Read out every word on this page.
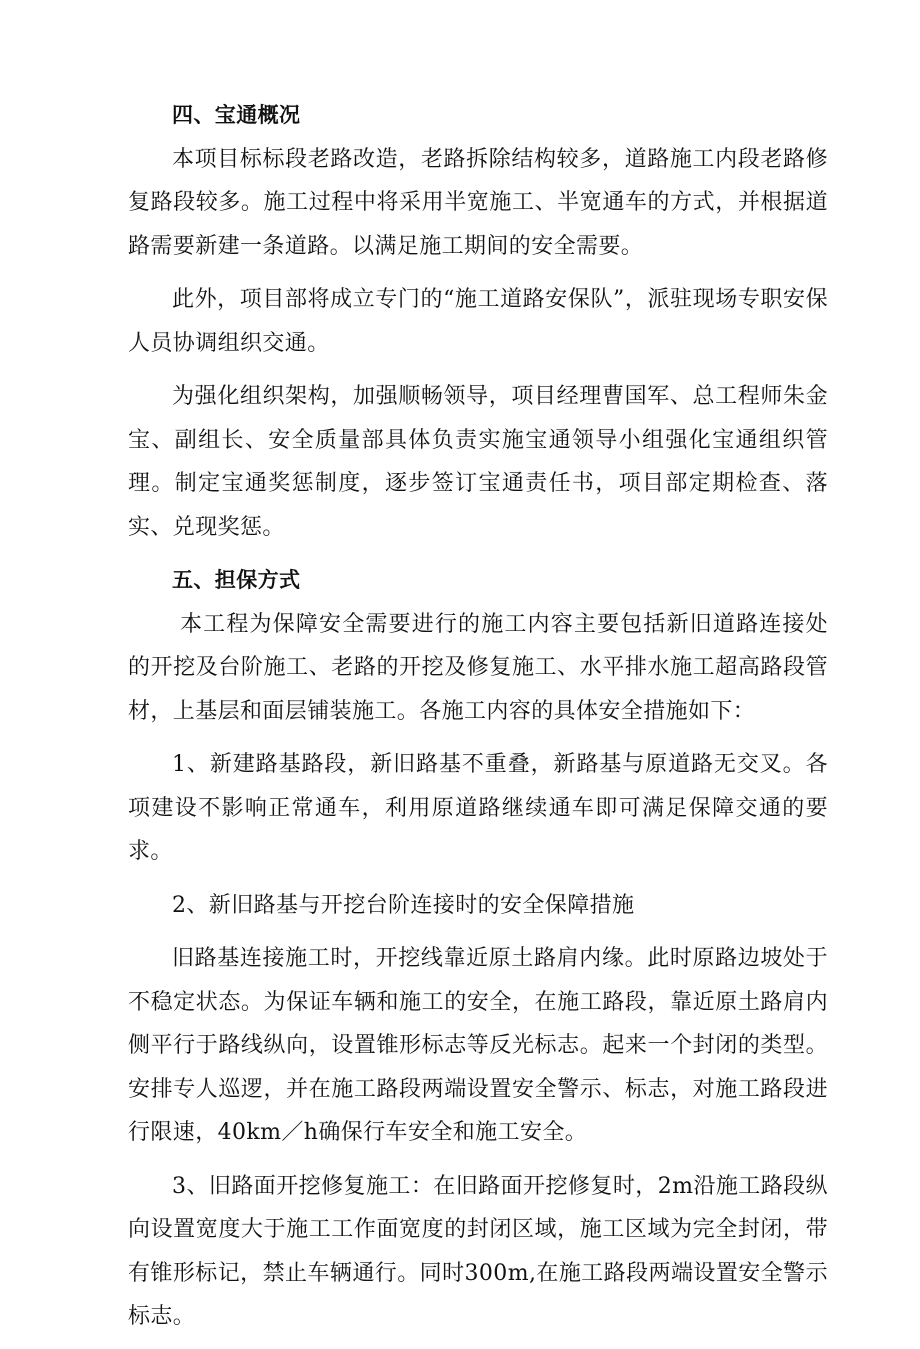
四、宝通概况

本项目标标段老路改造，老路拆除结构较多，道路施工内段老路修复路段较多。施工过程中将采用半宽施工、半宽通车的方式，并根据道路需要新建一条道路。以满足施工期间的安全需要。

此外，项目部将成立专门的“施工道路安保队”，派驻现场专职安保人员协调组织交通。

为强化组织架构，加强顺畅领导，项目经理曹国军、总工程师朱金宝、副组长、安全质量部具体负责实施宝通领导小组强化宝通组织管理。制定宝通奖惩制度，逐步签订宝通责任书，项目部定期检查、落实、兑现奖惩。

五、担保方式

本工程为保障安全需要进行的施工内容主要包括新旧道路连接处的开挖及台阶施工、老路的开挖及修复施工、水平排水施工超高路段管材，上基层和面层铺装施工。各施工内容的具体安全措施如下：

1、新建路基路段，新旧路基不重叠，新路基与原道路无交叉。各项建设不影响正常通车，利用原道路继续通车即可满足保障交通的要求。

2、新旧路基与开挖台阶连接时的安全保障措施

旧路基连接施工时，开挖线靠近原土路肩内缘。此时原路边坡处于不稳定状态。为保证车辆和施工的安全，在施工路段，靠近原土路肩内侧平行于路线纵向，设置锥形标志等反光标志。起来一个封闭的类型。安排专人巡逻，并在施工路段两端设置安全警示、标志，对施工路段进行限速，40km／h确保行车安全和施工安全。

3、旧路面开挖修复施工：在旧路面开挖修复时，2m沿施工路段纵向设置宽度大于施工工作面宽度的封闭区域，施工区域为完全封闭，带有锥形标记，禁止车辆通行。同时300m,在施工路段两端设置安全警示标志。
